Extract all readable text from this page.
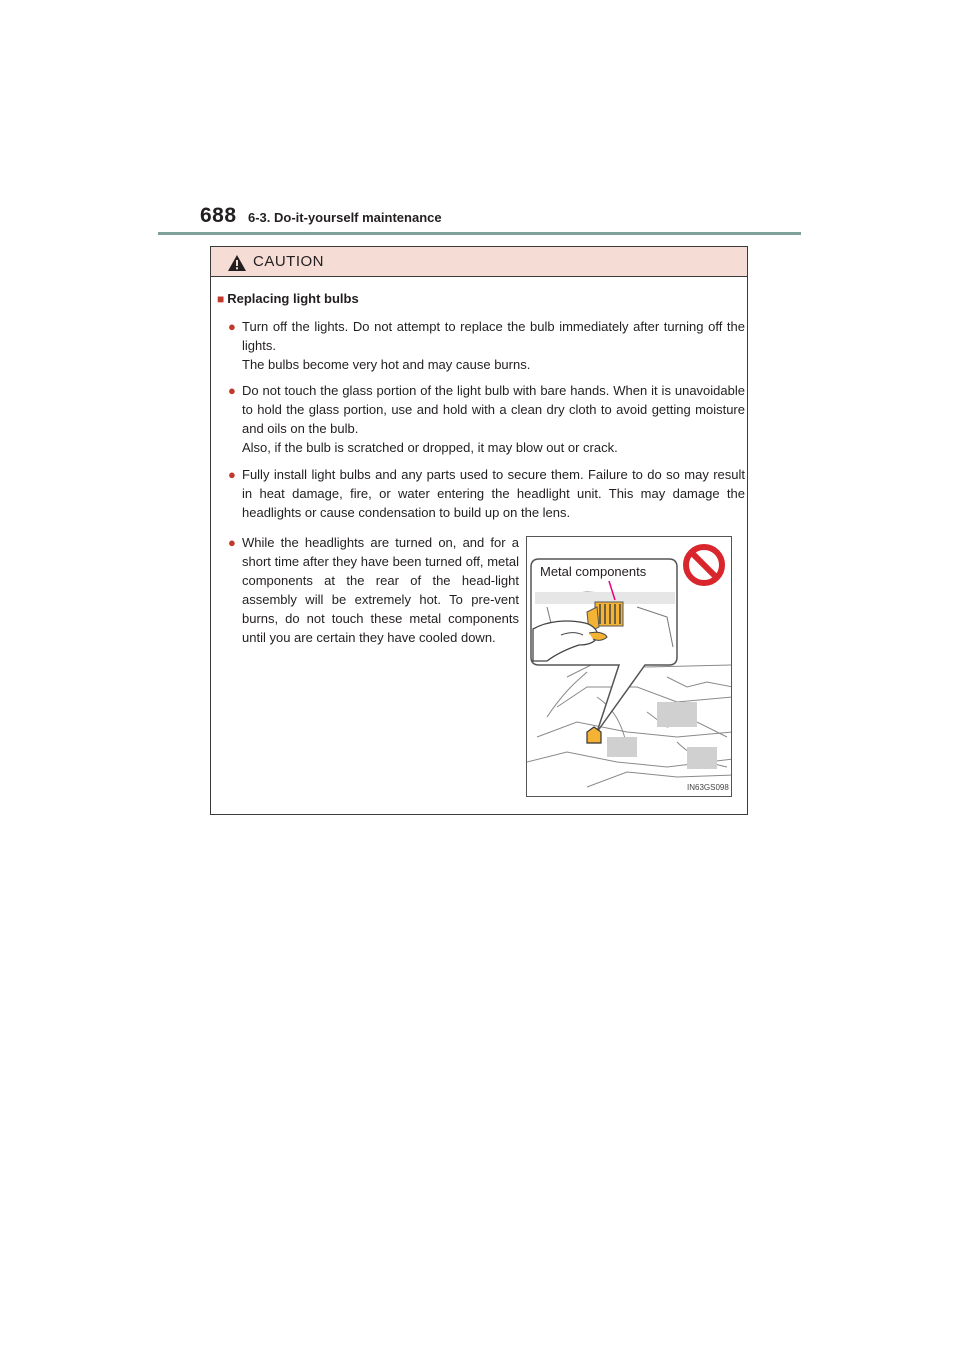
688 6-3. Do-it-yourself maintenance
CAUTION
■ Replacing light bulbs
● Turn off the lights. Do not attempt to replace the bulb immediately after turning off the lights.
The bulbs become very hot and may cause burns.
● Do not touch the glass portion of the light bulb with bare hands. When it is unavoidable to hold the glass portion, use and hold with a clean dry cloth to avoid getting moisture and oils on the bulb.
Also, if the bulb is scratched or dropped, it may blow out or crack.
● Fully install light bulbs and any parts used to secure them. Failure to do so may result in heat damage, fire, or water entering the headlight unit. This may damage the headlights or cause condensation to build up on the lens.
● While the headlights are turned on, and for a short time after they have been turned off, metal components at the rear of the head-light assembly will be extremely hot. To pre-vent burns, do not touch these metal components until you are certain they have cooled down.
Metal components
IN63GS098
